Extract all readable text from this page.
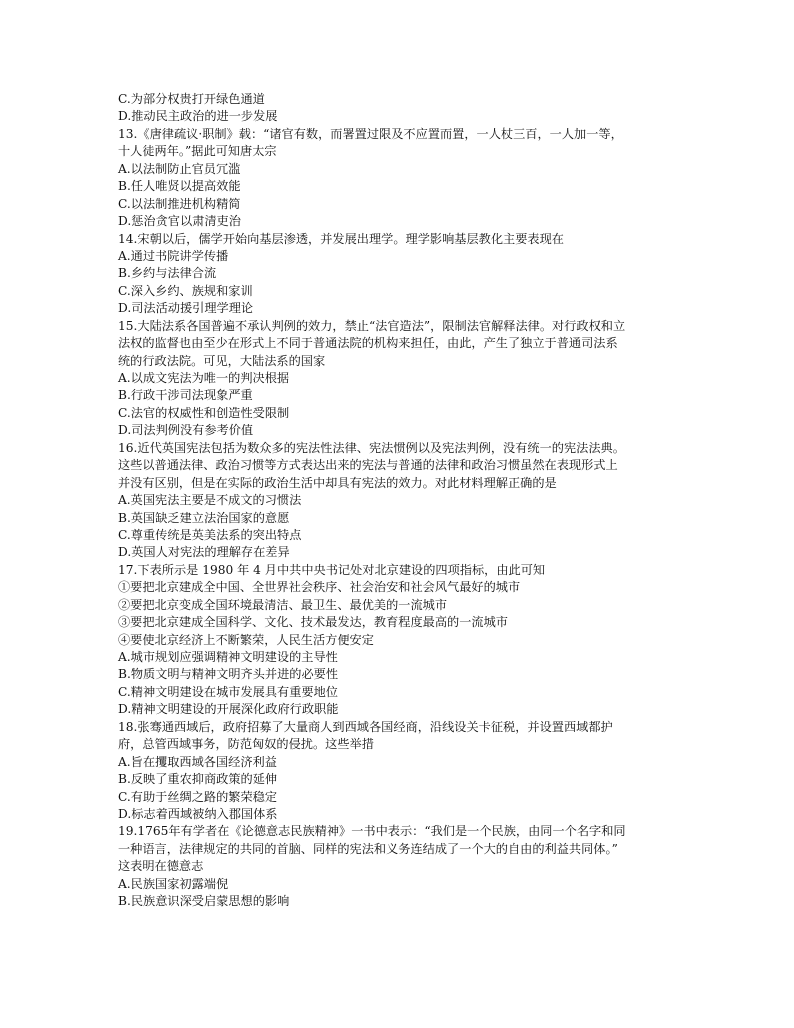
C.为部分权贵打开绿色通道
D.推动民主政治的进一步发展
13.《唐律疏议·职制》载：“诸官有数，而署置过限及不应置而置，一人杖三百，一人加一等，
十人徒两年。”据此可知唐太宗
A.以法制防止官员冗滥
B.任人唯贤以提高效能
C.以法制推进机构精简
D.惩治贪官以肃清吏治
14.宋朝以后，儒学开始向基层渗透，并发展出理学。理学影响基层教化主要表现在
A.通过书院讲学传播
B.乡约与法律合流
C.深入乡约、族规和家训
D.司法活动援引理学理论
15.大陆法系各国普遍不承认判例的效力，禁止“法官造法”，限制法官解释法律。对行政权和立
法权的监督也由至少在形式上不同于普通法院的机构来担任，由此，产生了独立于普通司法系
统的行政法院。可见，大陆法系的国家
A.以成文宪法为唯一的判决根据
B.行政干涉司法现象严重
C.法官的权威性和创造性受限制
D.司法判例没有参考价值
16.近代英国宪法包括为数众多的宪法性法律、宪法惯例以及宪法判例，没有统一的宪法法典。
这些以普通法律、政治习惯等方式表达出来的宪法与普通的法律和政治习惯虽然在表现形式上
并没有区别，但是在实际的政治生活中却具有宪法的效力。对此材料理解正确的是
A.英国宪法主要是不成文的习惯法
B.英国缺乏建立法治国家的意愿
C.尊重传统是英美法系的突出特点
D.英国人对宪法的理解存在差异
17.下表所示是 1980 年 4 月中共中央书记处对北京建设的四项指标，由此可知
①要把北京建成全中国、全世界社会秩序、社会治安和社会风气最好的城市
②要把北京变成全国环境最清洁、最卫生、最优美的一流城市
③要把北京建成全国科学、文化、技术最发达，教育程度最高的一流城市
④要使北京经济上不断繁荣，人民生活方便安定
A.城市规划应强调精神文明建设的主导性
B.物质文明与精神文明齐头并进的必要性
C.精神文明建设在城市发展具有重要地位
D.精神文明建设的开展深化政府行政职能
18.张骞通西域后，政府招募了大量商人到西域各国经商，沿线设关卡征税，并设置西域都护
府，总管西域事务，防范匈奴的侵扰。这些举措
A.旨在攫取西域各国经济利益
B.反映了重农抑商政策的延伸
C.有助于丝绸之路的繁荣稳定
D.标志着西域被纳入郡国体系
19.1765年有学者在《论德意志民族精神》一书中表示：“我们是一个民族，由同一个名字和同
一种语言，法律规定的共同的首脑、同样的宪法和义务连结成了一个大的自由的利益共同体。”
这表明在德意志
A.民族国家初露端倪
B.民族意识深受启蒙思想的影响
